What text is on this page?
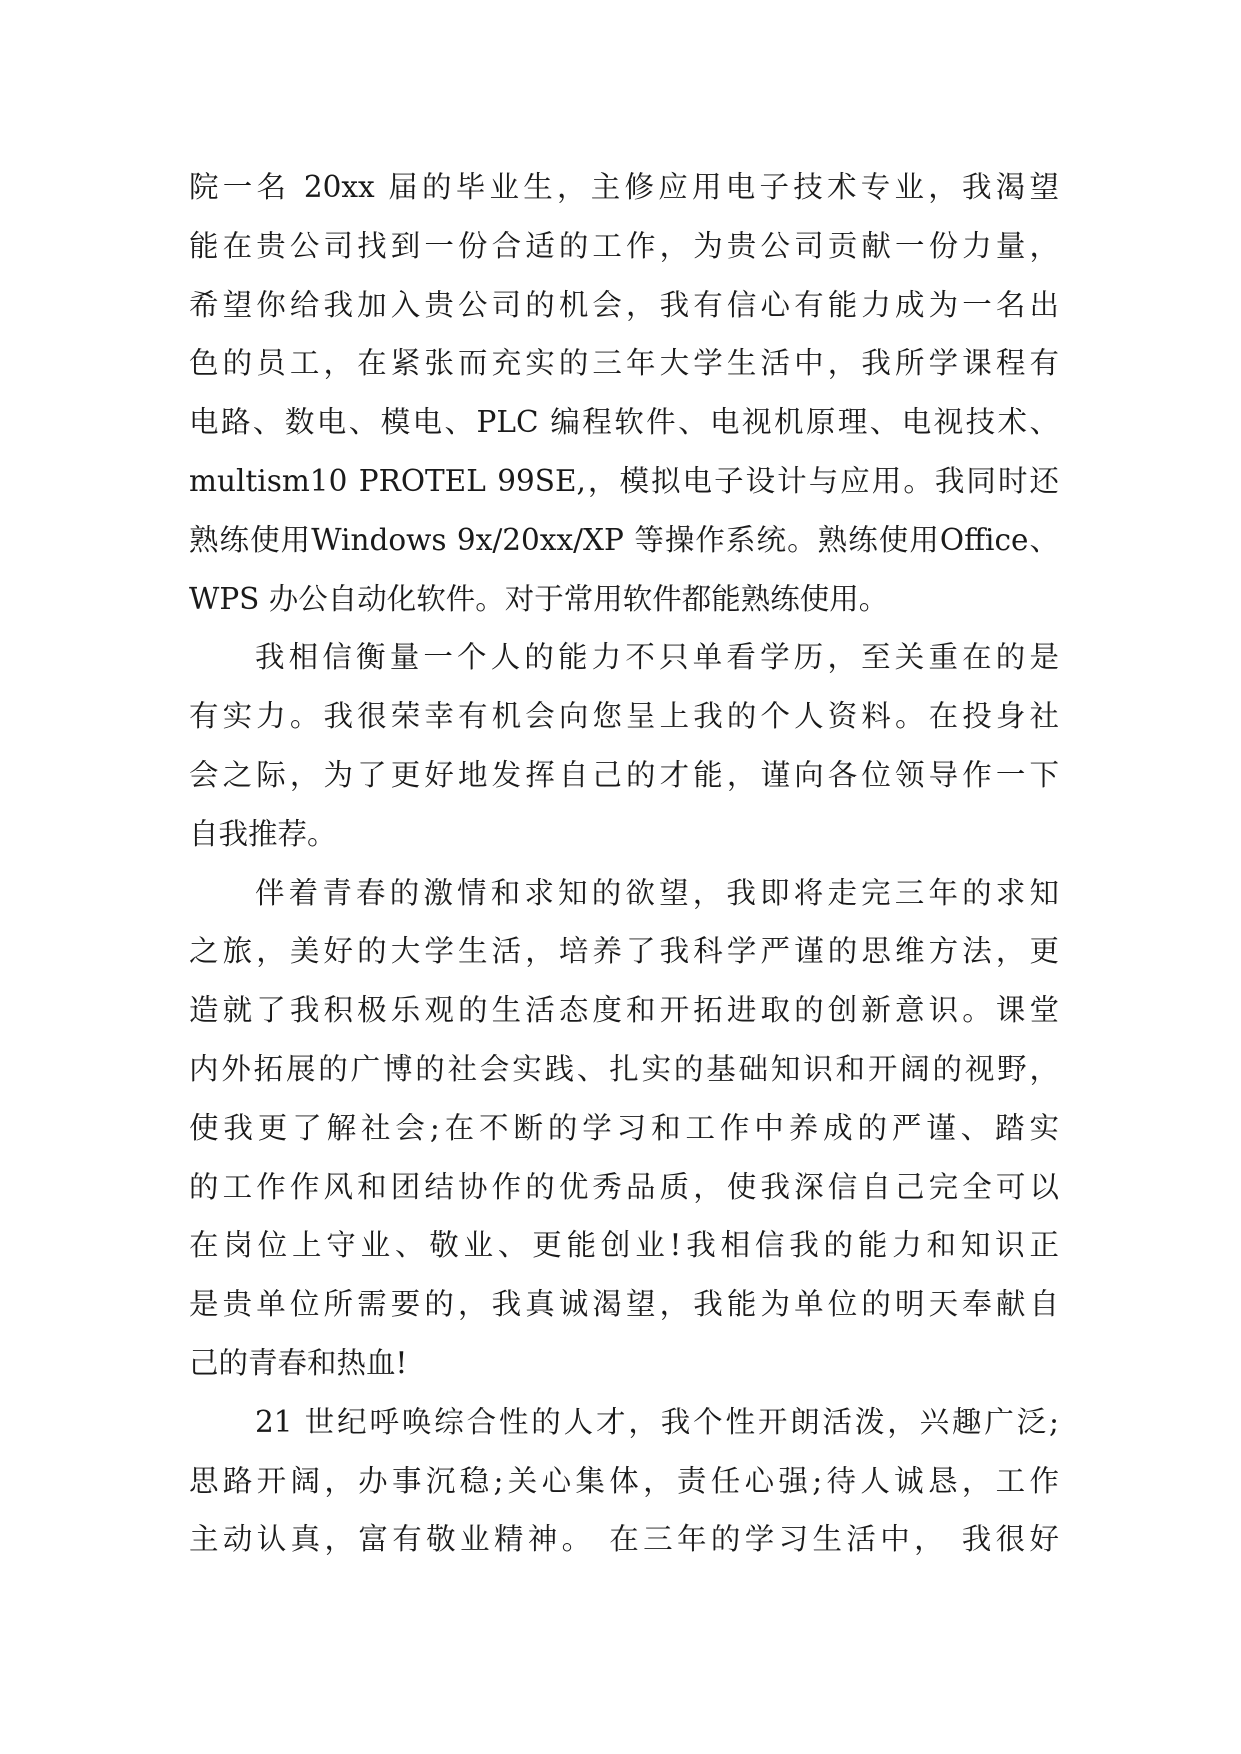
院一名 20xx 届的毕业生，主修应用电子技术专业，我渴望
能在贵公司找到一份合适的工作，为贵公司贡献一份力量，
希望你给我加入贵公司的机会，我有信心有能力成为一名出
色的员工，在紧张而充实的三年大学生活中，我所学课程有
电路、数电、模电、PLC 编程软件、电视机原理、电视技术、
multism10 PROTEL 99SE,，模拟电子设计与应用。我同时还
熟练使用Windows 9x/20xx/XP 等操作系统。熟练使用Office、
WPS 办公自动化软件。对于常用软件都能熟练使用。
我相信衡量一个人的能力不只单看学历，至关重在的是
有实力。我很荣幸有机会向您呈上我的个人资料。在投身社
会之际，为了更好地发挥自己的才能，谨向各位领导作一下
自我推荐。
伴着青春的激情和求知的欲望，我即将走完三年的求知
之旅，美好的大学生活，培养了我科学严谨的思维方法，更
造就了我积极乐观的生活态度和开拓进取的创新意识。课堂
内外拓展的广博的社会实践、扎实的基础知识和开阔的视野，
使我更了解社会;在不断的学习和工作中养成的严谨、踏实
的工作作风和团结协作的优秀品质，使我深信自己完全可以
在岗位上守业、敬业、更能创业!我相信我的能力和知识正
是贵单位所需要的，我真诚渴望，我能为单位的明天奉献自
己的青春和热血!
21 世纪呼唤综合性的人才，我个性开朗活泼，兴趣广泛;
思路开阔，办事沉稳;关心集体，责任心强;待人诚恳，工作
主动认真，富有敬业精神。 在三年的学习生活中， 我很好
